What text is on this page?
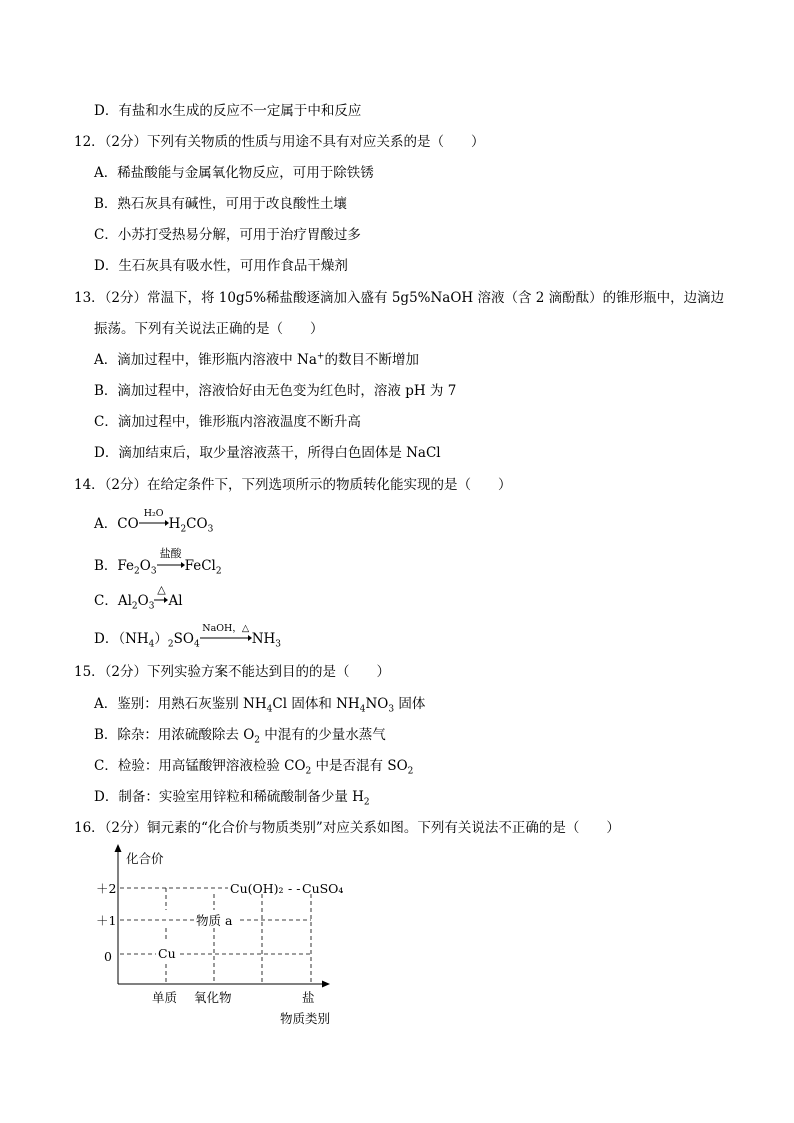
D．有盐和水生成的反应不一定属于中和反应
12．（2分）下列有关物质的性质与用途不具有对应关系的是（　　）
A．稀盐酸能与金属氧化物反应，可用于除铁锈
B．熟石灰具有碱性，可用于改良酸性土壤
C．小苏打受热易分解，可用于治疗胃酸过多
D．生石灰具有吸水性，可用作食品干燥剂
13．（2分）常温下，将 10g5%稀盐酸逐滴加入盛有 5g5%NaOH 溶液（含 2 滴酚酞）的锥形瓶中，边滴边
振荡。下列有关说法正确的是（　　）
A．滴加过程中，锥形瓶内溶液中 Na+的数目不断增加
B．滴加过程中，溶液恰好由无色变为红色时，溶液 pH 为 7
C．滴加过程中，锥形瓶内溶液温度不断升高
D．滴加结束后，取少量溶液蒸干，所得白色固体是 NaCl
14．（2分）在给定条件下，下列选项所示的物质转化能实现的是（　　）
A．CO
H₂O
$H_2CO_3$
B．$Fe_2O_3$
盐酸
FeCl$_2$
C．$Al_2O_3$
△
Al
D．$(NH_4)_2SO_4$
NaOH，△
$NH_3$
15．（2分）下列实验方案不能达到目的的是（　　）
A．鉴别：用熟石灰鉴别 $NH_4Cl$ 固体和 $NH_4NO_3$ 固体
B．除杂：用浓硫酸除去 $O_2$ 中混有的少量水蒸气
C．检验：用高锰酸钾溶液检验 $CO_2$ 中是否混有 $SO_2$
D．制备：实验室用锌粒和稀硫酸制备少量 $H_2$
16．（2分）铜元素的“化合价与物质类别”对应关系如图。下列有关说法不正确的是（　　）
化合价
＋2
＋1
0
Cu(OH)₂ - - CuSO₄
物质 a
Cu
单质 氧化物	盐
物质类别
